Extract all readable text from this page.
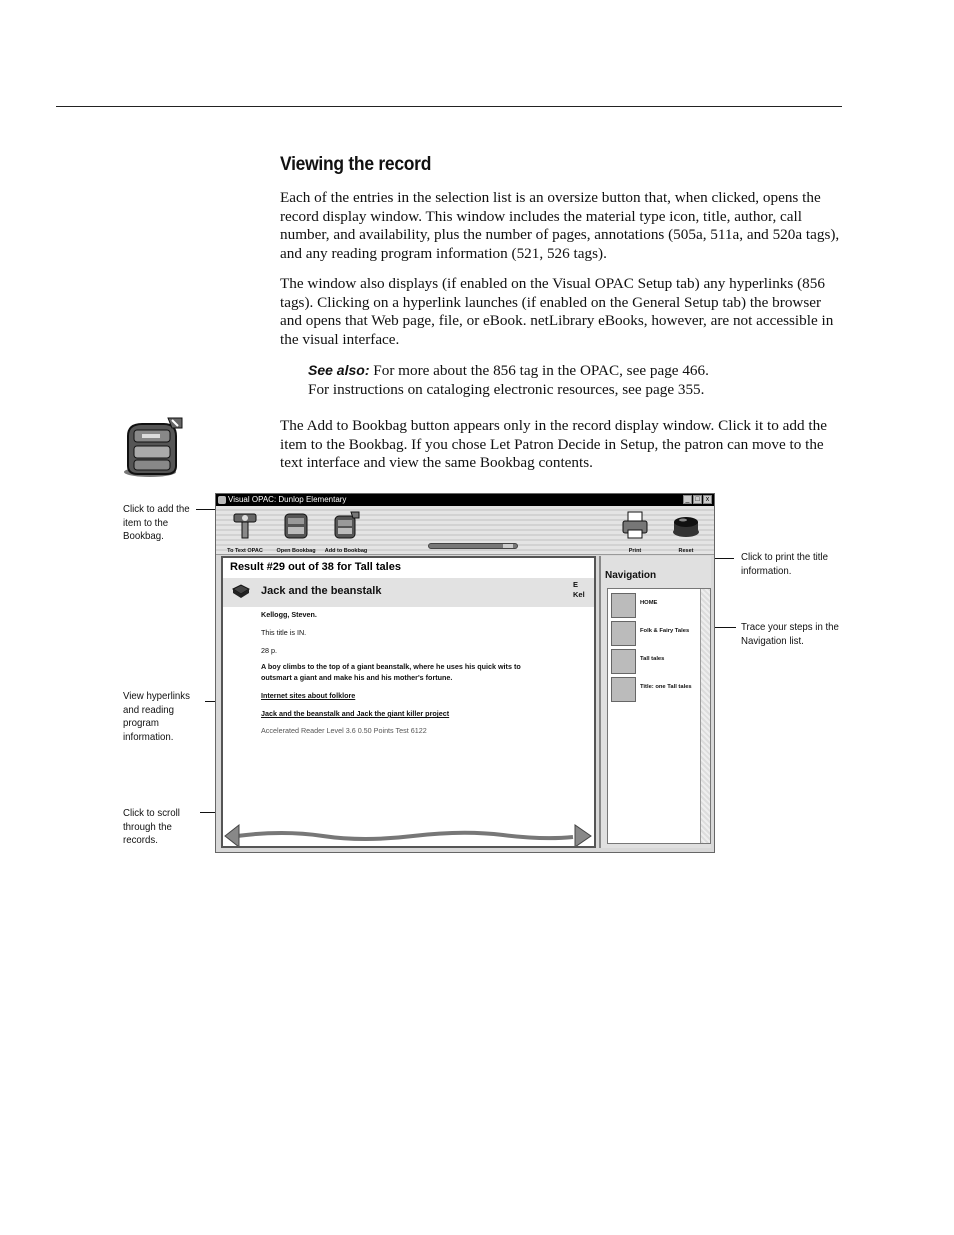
Viewing the record

Each of the entries in the selection list is an oversize button that, when clicked, opens the record display window. This window includes the material type icon, title, author, call number, and availability, plus the number of pages, annotations (505a, 511a, and 520a tags), and any reading program information (521, 526 tags).

The window also displays (if enabled on the Visual OPAC Setup tab) any hyperlinks (856 tags). Clicking on a hyperlink launches (if enabled on the General Setup tab) the browser and opens that Web page, file, or eBook. netLibrary eBooks, however, are not accessible in the visual interface.

See also: For more about the 856 tag in the OPAC, see page 466.
For instructions on cataloging electronic resources, see page 355.

The Add to Bookbag button appears only in the record display window. Click it to add the item to the Bookbag. If you chose Let Patron Decide in Setup, the patron can move to the text interface and view the same Bookbag contents.

Click to add the item to the Bookbag.

View hyperlinks and reading program information.

Click to scroll through the records.

Click to print the title information.

Trace your steps in the Navigation list.

Visual OPAC: Dunlop Elementary	_ □ x
To Text OPAC	Open Bookbag	Add to Bookbag	Print	Reset
Result #29 out of 38 for Tall tales
Jack and the beanstalk
E
Kel
Kellogg, Steven.
This title is IN.
28 p.
A boy climbs to the top of a giant beanstalk, where he uses his quick wits to
outsmart a giant and make his and his mother's fortune.
Internet sites about folklore
Jack and the beanstalk and Jack the giant killer project
Accelerated Reader Level 3.6 0.50 Points Test 6122
Navigation
HOME
Folk & Fairy Tales
Tall tales
Title: one Tall tales
